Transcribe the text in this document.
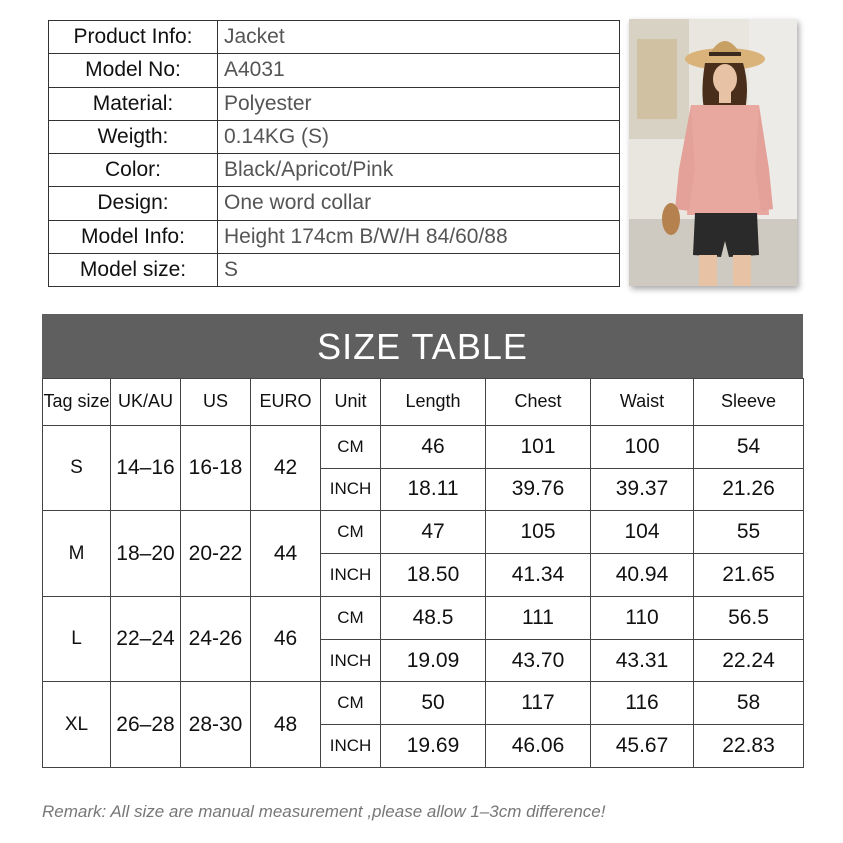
Product Info:	Jacket
Model No:	A4031
Material:	Polyester
Weigth:	0.14KG (S)
Color:	Black/Apricot/Pink
Design:	One word collar
Model Info:	Height 174cm B/W/H 84/60/88
Model size:	S
SIZE TABLE
Tag size	UK/AU	US	EURO	Unit	Length	Chest	Waist	Sleeve
S	14–16	16-18	42	CM	46	101	100	54
				INCH	18.11	39.76	39.37	21.26
M	18–20	20-22	44	CM	47	105	104	55
				INCH	18.50	41.34	40.94	21.65
L	22–24	24-26	46	CM	48.5	111	110	56.5
				INCH	19.09	43.70	43.31	22.24
XL	26–28	28-30	48	CM	50	117	116	58
				INCH	19.69	46.06	45.67	22.83
Remark: All size are manual measurement ,please allow 1–3cm difference!
